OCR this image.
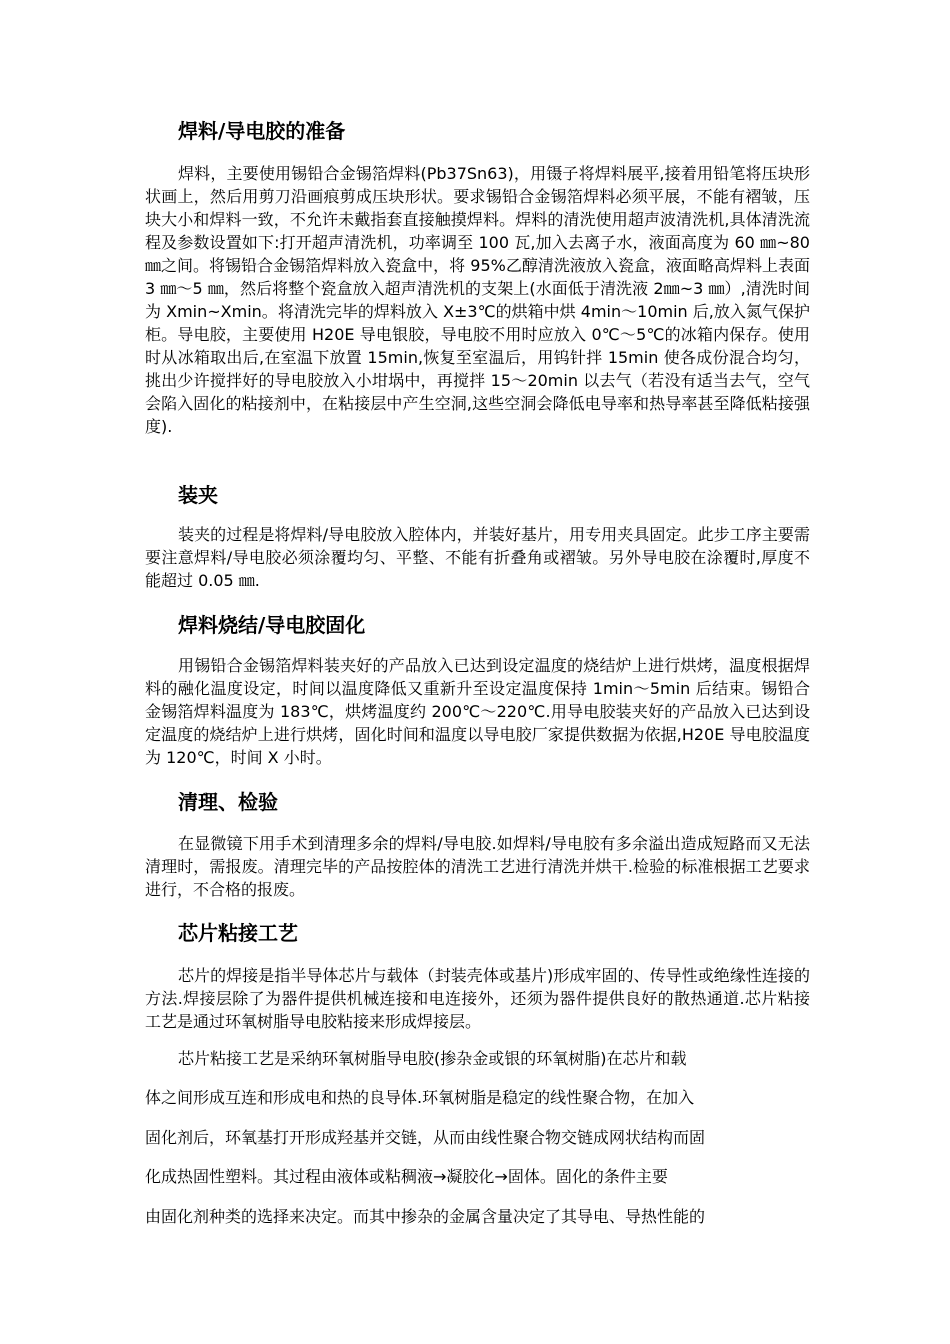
焊料/导电胶的准备

焊料，主要使用锡铅合金锡箔焊料(Pb37Sn63)，用镊子将焊料展平,接着用铅笔将压块形状画上，然后用剪刀沿画痕剪成压块形状。要求锡铅合金锡箔焊料必须平展，不能有褶皱，压块大小和焊料一致，不允许未戴指套直接触摸焊料。焊料的清洗使用超声波清洗机,具体清洗流程及参数设置如下:打开超声清洗机，功率调至 100 瓦,加入去离子水，液面高度为 60 ㎜~80 ㎜之间。将锡铅合金锡箔焊料放入瓷盒中，将 95%乙醇清洗液放入瓷盒，液面略高焊料上表面 3 ㎜～5 ㎜，然后将整个瓷盒放入超声清洗机的支架上(水面低于清洗液 2㎜~3 ㎜）,清洗时间为 Xmin~Xmin。将清洗完毕的焊料放入 X±3℃的烘箱中烘 4min～10min 后,放入氮气保护柜。导电胶，主要使用 H20E 导电银胶，导电胶不用时应放入 0℃～5℃的冰箱内保存。使用时从冰箱取出后,在室温下放置 15min,恢复至室温后，用钨针拌 15min 使各成份混合均匀，挑出少许搅拌好的导电胶放入小坩埚中，再搅拌 15～20min 以去气（若没有适当去气，空气会陷入固化的粘接剂中，在粘接层中产生空洞,这些空洞会降低电导率和热导率甚至降低粘接强度).

装夹

装夹的过程是将焊料/导电胶放入腔体内，并装好基片，用专用夹具固定。此步工序主要需要注意焊料/导电胶必须涂覆均匀、平整、不能有折叠角或褶皱。另外导电胶在涂覆时,厚度不能超过 0.05 ㎜.

焊料烧结/导电胶固化

用锡铅合金锡箔焊料装夹好的产品放入已达到设定温度的烧结炉上进行烘烤，温度根据焊料的融化温度设定，时间以温度降低又重新升至设定温度保持 1min～5min 后结束。锡铅合金锡箔焊料温度为 183℃，烘烤温度约 200℃～220℃.用导电胶装夹好的产品放入已达到设定温度的烧结炉上进行烘烤，固化时间和温度以导电胶厂家提供数据为依据,H20E 导电胶温度为 120℃，时间 X 小时。

清理、检验

在显微镜下用手术到清理多余的焊料/导电胶.如焊料/导电胶有多余溢出造成短路而又无法清理时，需报废。清理完毕的产品按腔体的清洗工艺进行清洗并烘干.检验的标准根据工艺要求进行，不合格的报废。

芯片粘接工艺

芯片的焊接是指半导体芯片与载体（封装壳体或基片)形成牢固的、传导性或绝缘性连接的方法.焊接层除了为器件提供机械连接和电连接外，还须为器件提供良好的散热通道.芯片粘接工艺是通过环氧树脂导电胶粘接来形成焊接层。

芯片粘接工艺是采纳环氧树脂导电胶(掺杂金或银的环氧树脂)在芯片和载

体之间形成互连和形成电和热的良导体.环氧树脂是稳定的线性聚合物，在加入

固化剂后，环氧基打开形成羟基并交链，从而由线性聚合物交链成网状结构而固

化成热固性塑料。其过程由液体或粘稠液→凝胶化→固体。固化的条件主要

由固化剂种类的选择来决定。而其中掺杂的金属含量决定了其导电、导热性能的
